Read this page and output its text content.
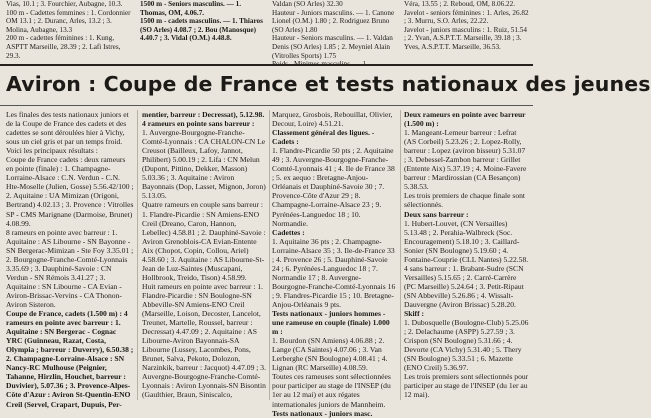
Vias, 10.1 ; 3. Fourchier, Aubagne, 10.3.
100 m - Cadettes femmines : 1. Cordonnier OM 13.1 ; 2. Duranc, Arles, 13.2 ; 3. Molina, Aubagne, 13.3
200 m - cadettes féminines : 1. Kung, ASPTT Marseille, 28.39 ; 2. Lafi Istres, 29.3.
1500 m - Seniors masculins. — 1. Thomas, OM, 4.06.7.
1500 m - cadets masculins. — 1. Thiaros (SO Arles) 4.08.7 ; 2. Bou (Manosque) 4.40.7 ; 3. Vidal (O.M.) 4.48.8.
Valdan (SO Arles) 32.30
Hauteur - Juniors masculins. — 1. Canone Lionel (O.M.) 1.80 ; 2. Rodriguez Bruno (SO Arles) 1.80
Hauteur - Seniors masculins. — 1. Valdan Denis (SO Arles) 1.85 ; 2. Meyniel Alain (Vitrolles Sports) 1.75

Véra, 13.55 ; 2. Reboud, OM, 8.06.22.
Javelot - seniors féminines : 1. Arles, 26.82 ; 3. Murru, S.O. Arles, 22.22.
Javelot - juniors masculins : 1. Ruiz, 51.54 ; 2. Yvan, A.S.P.T.T. Marseille, 39.18 ; 3. Yves, A.S.P.T.T. Marseille, 36.53.
Aviron : Coupe de France et tests nationaux des jeunes
Les finales des tests nationaux juniors et de la Coupe de France des cadets et des cadettes se sont déroulées hier à Vichy, sous un ciel gris et par un temps froid.
Voici les principaux résultats :
Coupe de France cadets : deux rameurs en pointe (finale) : 1. Champagne-Lorraine-Alsace : C.N. Verdun - C.N. Hte-Moselle (Julien, Gosse) 5.56.42/100 ; 2. Aquitaine : UA Mimizan (Origoni, Bertrand) 4.02.13 ; 3. Provence : Vitrolles SP - CMS Marignane (Darmoise, Brunet) 4.08.99.
8 rameurs en pointe avec barreur : 1. Aquitaine : AS Libourne - SN Bayonne - SN Bergerac-Mimizan - Ste Foy 3.35.01 ; 2. Bourgogne-Franche-Comté-Lyonnais 3.35.69 ; 3. Dauphiné-Savoie : CN Verdun - SN Rémois 3.41.27 ; 3. Aquitaine : SN Libourne - CA Evian - Aviron-Brissac-Vervins - CA Thonon-Aviron Sisteron.
Coupe de France, cadets (1.500 m) : 4 rameurs en pointe avec barreur : 1. Aquitaine : SN Bergerac - Cognac YRC (Guinneau, Razat, Costa, Olympia ; barreur : Duverry), 6.50.38 ; 2. Champagne-Lorraine-Alsace : SN Nancy-RC Mulhouse (Peignier, Tahanne, Hirzlin, Houchet, barreur : Duvivier), 5.07.36 ; 3. Provence-Alpes-Côte d'Azur : Aviron St-Quentin-ENO Creil (Servel, Crapart, Dupuis, Per-
mentier, barreur : Decressat), 5.12.98.
4 rameurs en pointe sans barreur :
1. Auvergne-Bourgogne-Franche-Comté-Lyonnais : CA CHALON-CN Le Creusot (Bailleux, Lafoy, Jannot, Philibert) 5.00.19 ; 2. Lifa : CN Melun (Dupont, Pittino, Dekker, Masson) 5.03.36 ; 3. Aquitaine : Aviron Bayonnais (Dop, Lasset, Mignon, Joron) 5.13.05.
Quatre rameurs en couple sans barreur : 1. Flandre-Picardie : SN Amiens-ENO Creil (Dreano, Caron, Hannon, Lebellec) 4.58.81 ; 2. Dauphiné-Savoie : Aviron Grenoblois-CA Evian-Entente Aix (Chopot, Copin, Collou, Ariel) 4.58.60 ; 3. Aquitaine : AS Libourne-St-Jean de Luz-Saintes (Muscapani, Hollbrook, Treido, Tison) 4.58.99.
Huit rameurs en pointe avec barreur : 1. Flandre-Picardie : SN Boulogne-SN Abbeville-SN Amiens-ENO Creil (Marseille, Loison, Decoster, Lancelot, Treunet, Martelle, Roussel, barreur : Decressat) 4.47.09 ; 2. Aquitaine : AS Libourne-Aviron Bayonnais-SA Libourne (Lussey, Lacombes, Pons, Brunet, Salva, Pekoto, Dolozon, Narzinkik, barreur : Jacquot) 4.47.09 ; 3. Auvergne-Bourgogne-Franche-Comté-Lyonnais : Aviron Lyonnais-SN Bisontin (Gaulthier, Braun, Siniscalco,
Marquez, Grosbois, Rebouillat, Olivier, Decour, Loire) 4.51.21.
Classement général des ligues. - Cadets :
1. Flandre-Picardie 50 pts ; 2. Aquitaine 49 ; 3. Auvergne-Bourgogne-Franche-Comté-Lyonnais 41 ; 4. Ile de France 38 ; 5. ex aequo : Bretagne-Anjou-Orléanais et Dauphiné-Savoie 30 ; 7. Provence-Côte d'Azur 29 ; 8. Champagne-Lorraine-Alsace 23 ; 9. Pyrénées-Languedoc 18 ; 10. Normandie.
Cadettes :
1. Aquitaine 36 pts ; 2. Champagne-Lorraine-Alsace 35 ; 3. Ile-de-France 33 ; 4. Provence 26 ; 5. Dauphiné-Savoie 24 ; 6. Pyrénées-Languedoc 18 ; 7. Normandie 17 ; 8. Auvergne-Bourgogne-Franche-Comté-Lyonnais 16 ; 9. Flandres-Picardie 15 ; 10. Bretagne-Anjou-Orléanais 9 pts.
Tests nationaux - juniors hommes - une rameuse en couple (finale) 1.000 m :
1. Bourdon (SN Amiens) 4.06.88 ; 2. Lange (CA Saintes) 4.07.06 ; 3. Van Lerberghe (SN Boulogne) 4.08.41 ; 4. Lignan (RC Marseille) 4.08.59.
Toutes ces rameuses sont sélectionnées pour participer au stage de l'INSEP (du 1er au 12 mai) et aux régates internationales juniors de Mannheim.
Tests nationaux - juniors masc.
Deux rameurs en pointe avec barreur (1.500 m) :
1. Mangeant-Lemeur barreur : Lefrat (AS Corbeil) 5.23.26 ; 2. Lopez-Rolly, barreur : Lopez (aviron bisseur) 5.31.07 ; 3. Debessel-Zambon barreur : Grillet (Entente Aix) 5.37.19 ; 4. Moine-Favere barreur : Mardirossian (CA Besançon) 5.38.53.
Les trois premiers de chaque finale sont sélectionnés.
Deux sans barreur :
1. Hubert-Louvet, (CN Versailles) 5.13.48 ; 2. Perahia-Walbreck (Soc. Encouragement) 5.18.10 ; 3. Caillard-Sonier (SN Boulogne) 5.19.60 ; 4. Fontaine-Couprie (CLL Nantes) 5.22.58.
4 sans barreur : 1. Brabant-Sudre (SCN Versailles) 5.15.65 ; 2. Carré-Carrère (PC Marseille) 5.24.64 ; 3. Petit-Ripaut (SN Abbeville) 5.26.86 ; 4. Wissalt-Dauvergne (Aviron Brissac) 5.28.20.
Skiff :
1. Dubosquelle (Boulogne-Club) 5.25.06 ; 2. Delachaume (ASPP) 5.27.59 ; 3. Crispon (SN Boulogne) 5.31.66 ; 4. Devorte (CA Vichy) 5.31.40 ; 5. Thery (SN Boulogne) 5.33.51 ; 6. Mazette (ENO Creil) 5.36.97.
Les trois premiers sont sélectionnés pour participer au stage de l'INSEP (du 1er au 12 mai).
